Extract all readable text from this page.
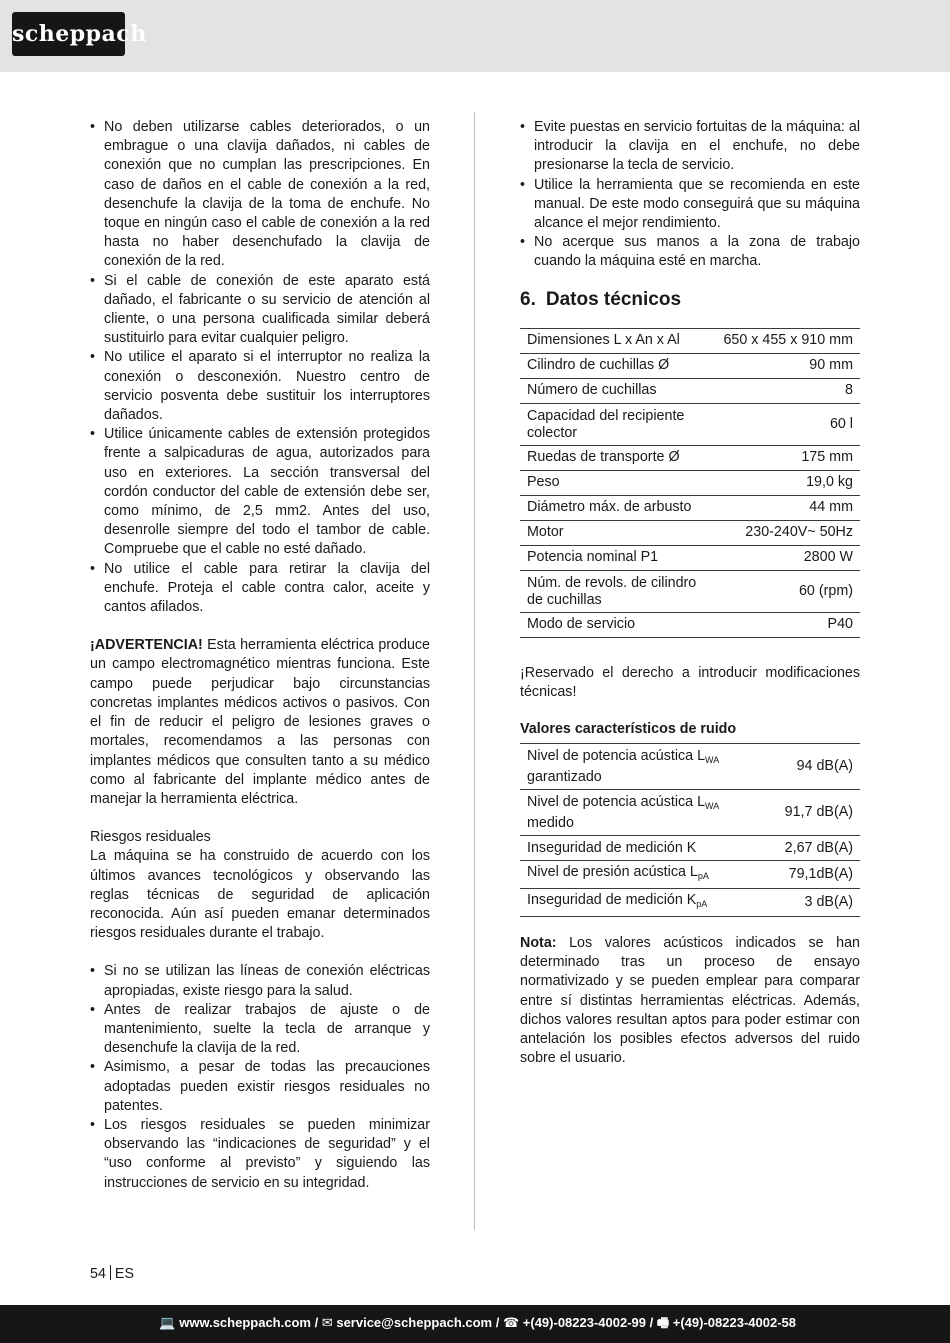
scheppach
• No deben utilizarse cables deteriorados, o un embrague o una clavija dañados, ni cables de conexión que no cumplan las prescripciones. En caso de daños en el cable de conexión a la red, desenchufe la clavija de la toma de enchufe. No toque en ningún caso el cable de conexión a la red hasta no haber desenchufado la clavija de conexión de la red.
• Si el cable de conexión de este aparato está dañado, el fabricante o su servicio de atención al cliente, o una persona cualificada similar deberá sustituirlo para evitar cualquier peligro.
• No utilice el aparato si el interruptor no realiza la conexión o desconexión. Nuestro centro de servicio posventa debe sustituir los interruptores dañados.
• Utilice únicamente cables de extensión protegidos frente a salpicaduras de agua, autorizados para uso en exteriores. La sección transversal del cordón conductor del cable de extensión debe ser, como mínimo, de 2,5 mm2. Antes del uso, desenrolle siempre del todo el tambor de cable. Compruebe que el cable no esté dañado.
• No utilice el cable para retirar la clavija del enchufe. Proteja el cable contra calor, aceite y cantos afilados.

¡ADVERTENCIA! Esta herramienta eléctrica produce un campo electromagnético mientras funciona. Este campo puede perjudicar bajo circunstancias concretas implantes médicos activos o pasivos. Con el fin de reducir el peligro de lesiones graves o mortales, recomendamos a las personas con implantes médicos que consulten tanto a su médico como al fabricante del implante médico antes de manejar la herramienta eléctrica.

Riesgos residuales

La máquina se ha construido de acuerdo con los últimos avances tecnológicos y observando las reglas técnicas de seguridad de aplicación reconocida. Aún así pueden emanar determinados riesgos residuales durante el trabajo.

• Si no se utilizan las líneas de conexión eléctricas apropiadas, existe riesgo para la salud.
• Antes de realizar trabajos de ajuste o de mantenimiento, suelte la tecla de arranque y desenchufe la clavija de la red.
• Asimismo, a pesar de todas las precauciones adoptadas pueden existir riesgos residuales no patentes.
• Los riesgos residuales se pueden minimizar observando las “indicaciones de seguridad” y el “uso conforme al previsto” y siguiendo las instrucciones de servicio en su integridad.
• Evite puestas en servicio fortuitas de la máquina: al introducir la clavija en el enchufe, no debe presionarse la tecla de servicio.
• Utilice la herramienta que se recomienda en este manual. De este modo conseguirá que su máquina alcance el mejor rendimiento.
• No acerque sus manos a la zona de trabajo cuando la máquina esté en marcha.
6. Datos técnicos
Dimensiones L x An x Al	650 x 455 x 910 mm
Cilindro de cuchillas Ø	90 mm
Número de cuchillas	8
Capacidad del recipiente colector	60 l
Ruedas de transporte Ø	175 mm
Peso	19,0 kg
Diámetro máx. de arbusto	44 mm
Motor	230-240V~ 50Hz
Potencia nominal P1	2800 W
Núm. de revols. de cilindro de cuchillas	60 (rpm)
Modo de servicio	P40

¡Reservado el derecho a introducir modificaciones técnicas!

Valores característicos de ruido
Nivel de potencia acústica $L_{WA}$
garantizado	94 dB(A)
Nivel de potencia acústica $L_{WA}$
medido	91,7 dB(A)
Inseguridad de medición K	2,67 dB(A)
Nivel de presión acústica $L_{pA}$	79,1dB(A)
Inseguridad de medición $K_{pA}$	3 dB(A)

Nota: Los valores acústicos indicados se han determinado tras un proceso de ensayo normativizado y se pueden emplear para comparar entre sí distintas herramientas eléctricas. Además, dichos valores resultan aptos para poder estimar con antelación los posibles efectos adversos del ruido sobre el usuario.

54 ES
💻 www.scheppach.com / ✉ service@scheppach.com / ☎ +(49)-08223-4002-99 / 🖷 +(49)-08223-4002-58
